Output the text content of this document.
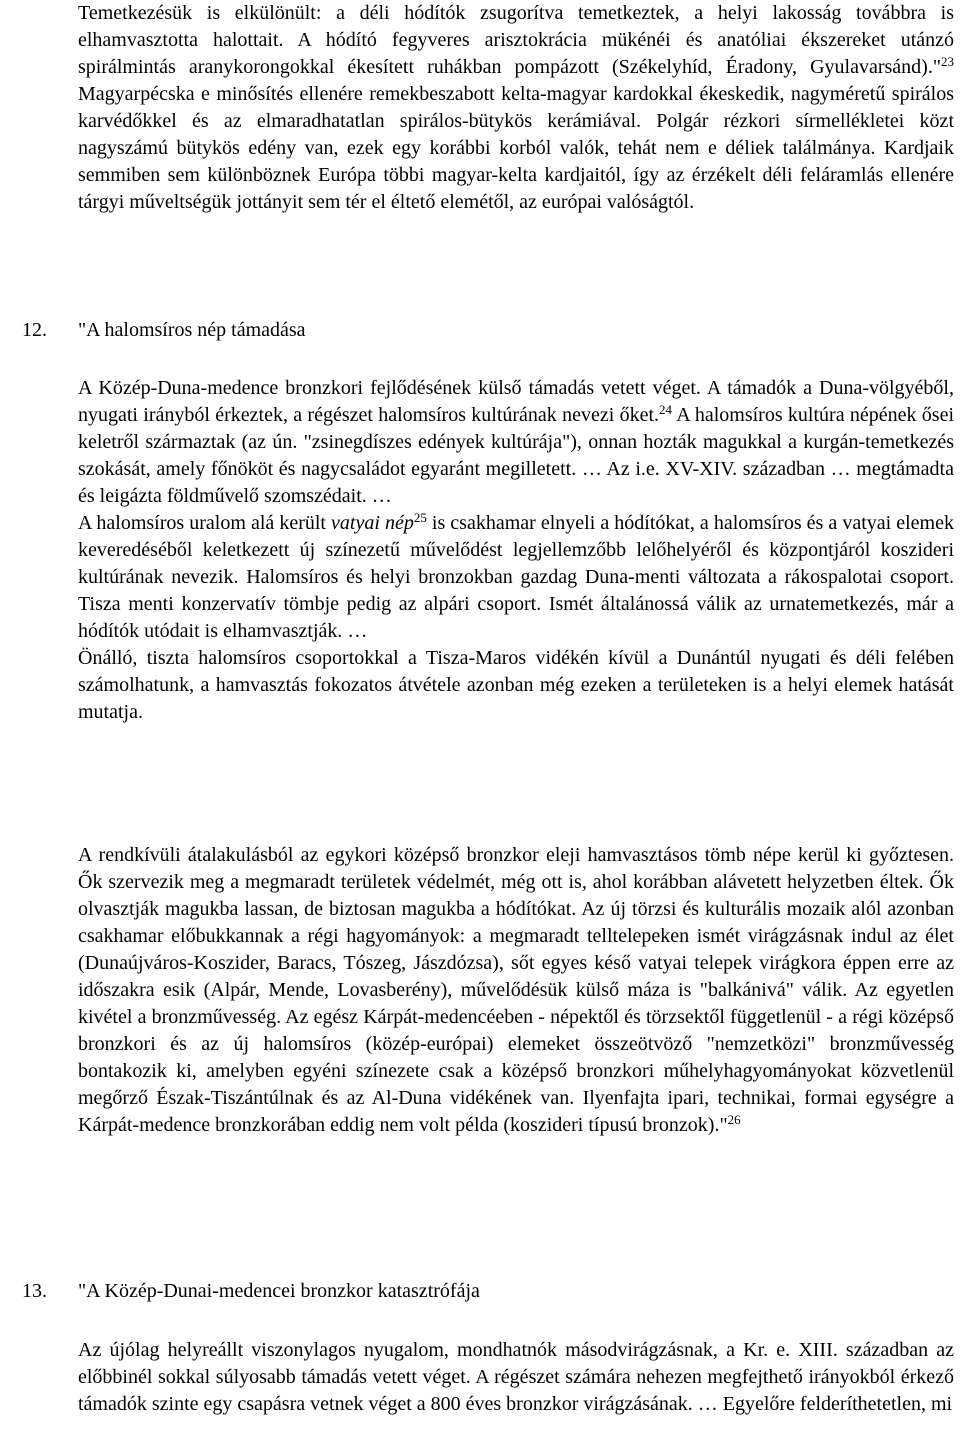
Temetkezésük is elkülönült: a déli hódítók zsugorítva temetkeztek, a helyi lakosság továbbra is elhamvasztotta halottait. A hódító fegyveres arisztokrácia mükénéi és anatóliai ékszereket utánzó spirálmintás aranykorongokkal ékesített ruhákban pompázott (Székelyhíd, Éradony, Gyulavarsánd)."$^{23}$ Magyarpécska e minősítés ellenére remekbeszabott kelta-magyar kardokkal ékeskedik, nagyméretű spirálos karvédőkkel és az elmaradhatatlan spirálos-bütykös kerámiával. Polgár rézkori sírmellékletei közt nagyszámú bütykös edény van, ezek egy korábbi korból valók, tehát nem e déliek találmánya. Kardjaik semmiben sem különböznek Európa többi magyar-kelta kardjaitól, így az érzékelt déli feláramlás ellenére tárgyi műveltségük jottányit sem tér el éltető elemétől, az európai valóságtól.

12. "A halomsíros nép támadása

A Közép-Duna-medence bronzkori fejlődésének külső támadás vetett véget. A támadók a Duna-völgyéből, nyugati irányból érkeztek, a régészet halomsíros kultúrának nevezi őket.$^{24}$ A halomsíros kultúra népének ősei keletről származtak (az ún. "zsinegdíszes edények kultúrája"), onnan hozták magukkal a kurgán-temetkezés szokását, amely főnököt és nagycsaládot egyaránt megilletett. … Az i.e. XV-XIV. században … megtámadta és leigázta földművelő szomszédait. …
A halomsíros uralom alá került vatyai nép$^{25}$ is csakhamar elnyeli a hódítókat, a halomsíros és a vatyai elemek keveredéséből keletkezett új színezetű művelődést legjellemzőbb lelőhelyéről és központjáról koszideri kultúrának nevezik. Halomsíros és helyi bronzokban gazdag Duna-menti változata a rákospalotai csoport. Tisza menti konzervatív tömbje pedig az alpári csoport. Ismét általánossá válik az urnatemetkezés, már a hódítók utódait is elhamvasztják. …
Önálló, tiszta halomsíros csoportokkal a Tisza-Maros vidékén kívül a Dunántúl nyugati és déli felében számolhatunk, a hamvasztás fokozatos átvétele azonban még ezeken a területeken is a helyi elemek hatását mutatja.

A rendkívüli átalakulásból az egykori középső bronzkor eleji hamvasztásos tömb népe kerül ki győztesen. Ők szervezik meg a megmaradt területek védelmét, még ott is, ahol korábban alávetett helyzetben éltek. Ők olvasztják magukba lassan, de biztosan magukba a hódítókat. Az új törzsi és kulturális mozaik alól azonban csakhamar előbukkannak a régi hagyományok: a megmaradt telltelepeken ismét virágzásnak indul az élet (Dunaújváros-Koszider, Baracs, Tószeg, Jászdózsa), sőt egyes késő vatyai telepek virágkora éppen erre az időszakra esik (Alpár, Mende, Lovasberény), művelődésük külső máza is "balkánivá" válik. Az egyetlen kivétel a bronzművesség. Az egész Kárpát-medencéeben - népektől és törzsektől függetlenül - a régi középső bronzkori és az új halomsíros (közép-európai) elemeket összeötvöző "nemzetközi" bronzművesség bontakozik ki, amelyben egyéni színezete csak a középső bronzkori műhelyhagyományokat közvetlenül megőrző Észak-Tiszántúlnak és az Al-Duna vidékének van. Ilyenfajta ipari, technikai, formai egységre a Kárpát-medence bronzkorában eddig nem volt példa (koszideri típusú bronzok)."$^{26}$

13. "A Közép-Dunai-medencei bronzkor katasztrófája

Az újólag helyreállt viszonylagos nyugalom, mondhatnók másodvirágzásnak, a Kr. e. XIII. században az előbbinél sokkal súlyosabb támadás vetett véget. A régészet számára nehezen megfejthető irányokból érkező támadók szinte egy csapásra vetnek véget a 800 éves bronzkor virágzásának. … Egyelőre felderíthetetlen, mi
